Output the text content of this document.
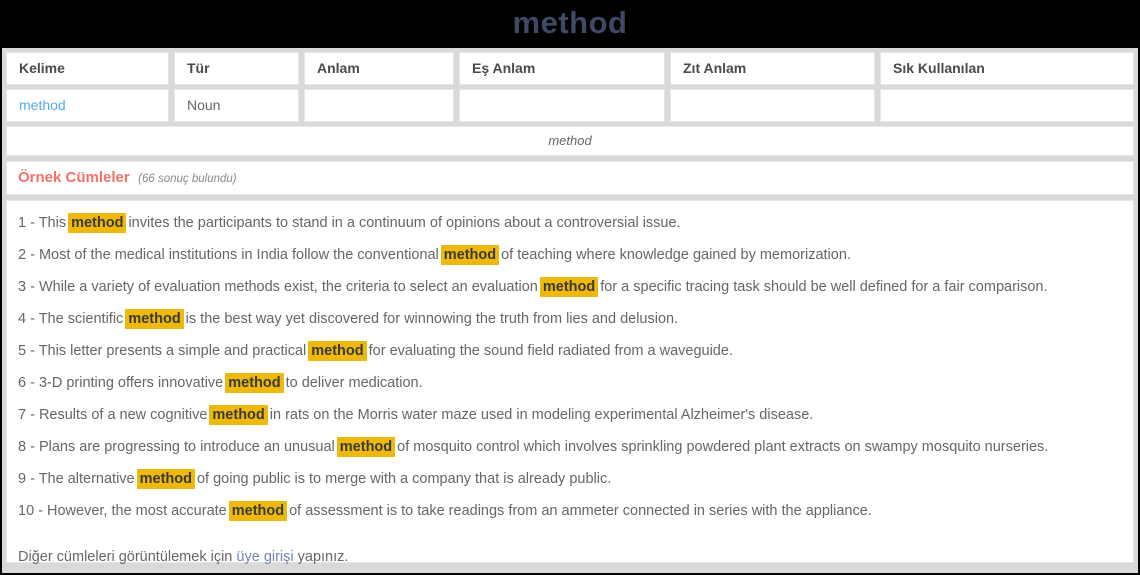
method
Kelime	Tür	Anlam	Eş Anlam	Zıt Anlam	Sık Kullanılan
method	Noun
method
Örnek Cümleler (66 sonuç bulundu)

1 - This method invites the participants to stand in a continuum of opinions about a controversial issue.

2 - Most of the medical institutions in India follow the conventional method of teaching where knowledge gained by memorization.

3 - While a variety of evaluation methods exist, the criteria to select an evaluation method for a specific tracing task should be well defined for a fair comparison.

4 - The scientific method is the best way yet discovered for winnowing the truth from lies and delusion.

5 - This letter presents a simple and practical method for evaluating the sound field radiated from a waveguide.

6 - 3-D printing offers innovative method to deliver medication.

7 - Results of a new cognitive method in rats on the Morris water maze used in modeling experimental Alzheimer's disease.

8 - Plans are progressing to introduce an unusual method of mosquito control which involves sprinkling powdered plant extracts on swampy mosquito nurseries.

9 - The alternative method of going public is to merge with a company that is already public.

10 - However, the most accurate method of assessment is to take readings from an ammeter connected in series with the appliance.

Diğer cümleleri görüntülemek için üye girişi yapınız.
